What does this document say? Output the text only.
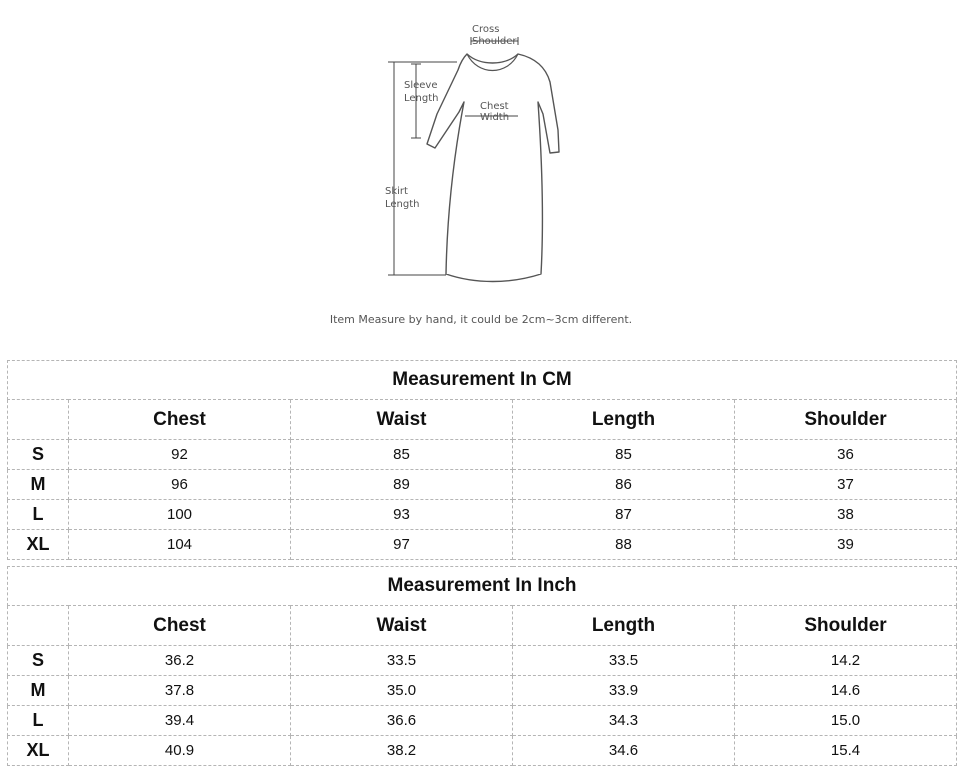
Cross
Shoulder
Sleeve
Length
Chest
Width
Skirt
Length
Item Measure by hand, it could be 2cm~3cm different.
Measurement In CM				
	Chest	Waist	Length	Shoulder
S	92	85	85	36
M	96	89	86	37
L	100	93	87	38
XL	104	97	88	39
Measurement In Inch				
	Chest	Waist	Length	Shoulder
S	36.2	33.5	33.5	14.2
M	37.8	35.0	33.9	14.6
L	39.4	36.6	34.3	15.0
XL	40.9	38.2	34.6	15.4
